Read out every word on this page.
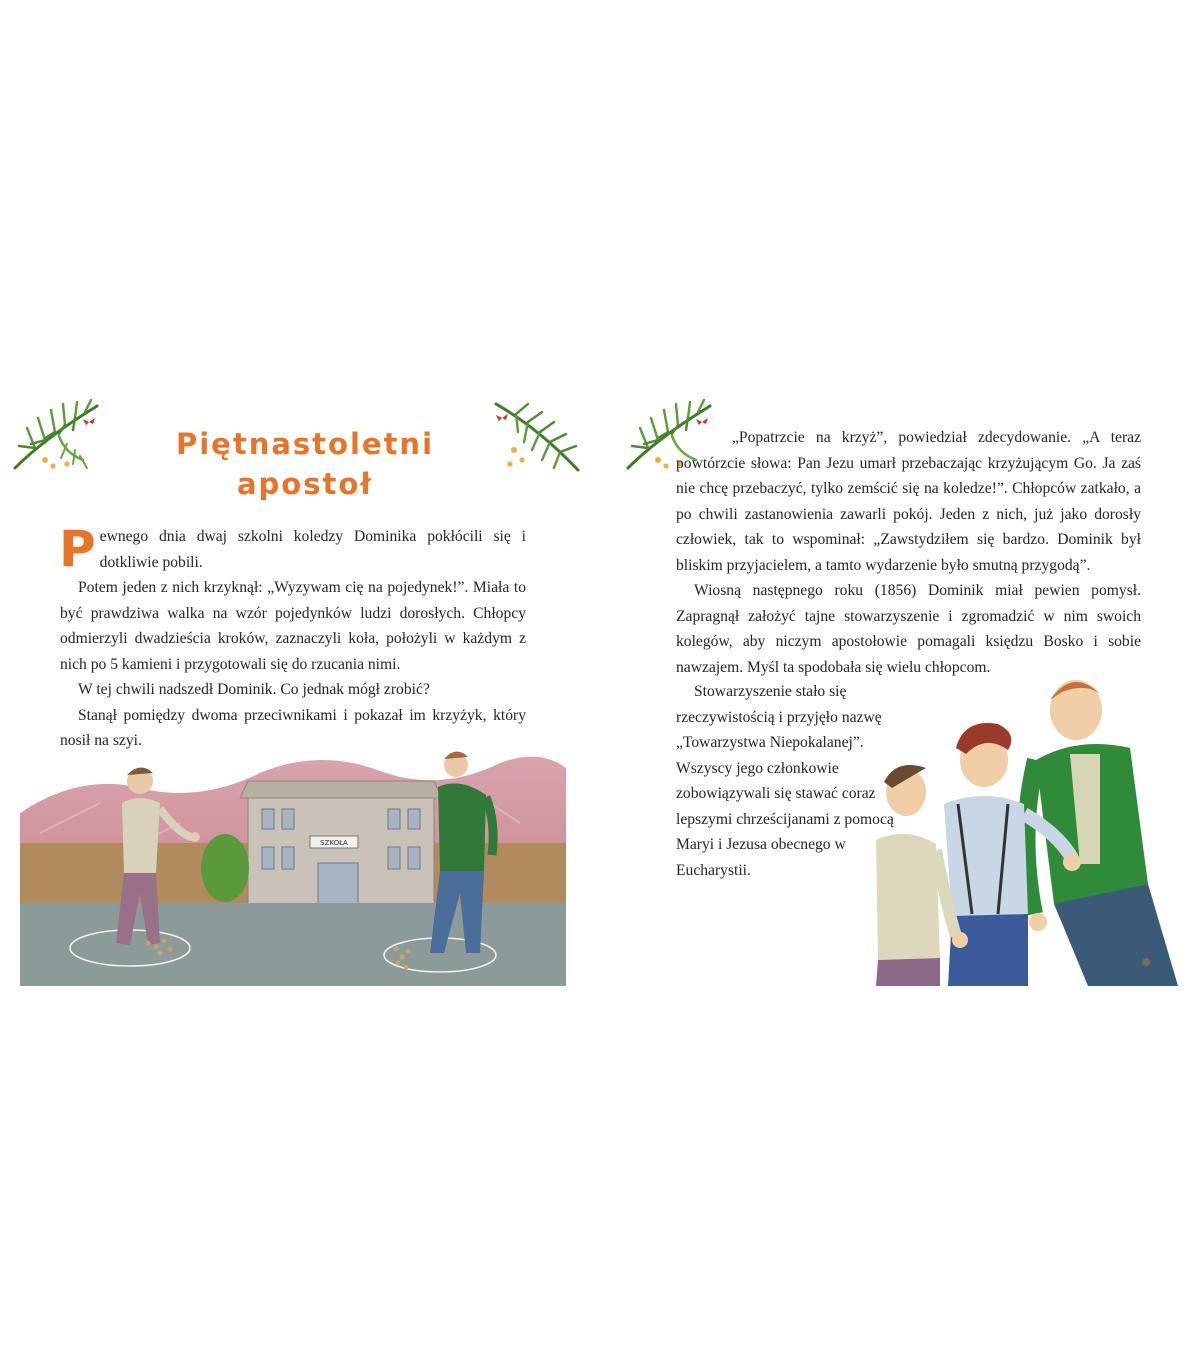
Piętnastoletni
apostoł

Pewnego dnia dwaj szkolni koledzy Dominika pokłócili się i dotkliwie pobili.

Potem jeden z nich krzyknął: „Wyzywam cię na pojedynek!”. Miała to być prawdziwa walka na wzór pojedynków ludzi dorosłych. Chłopcy odmierzyli dwadzieścia kroków, zaznaczyli koła, położyli w każdym z nich po 5 kamieni i przygotowali się do rzucania nimi.

W tej chwili nadszedł Dominik. Co jednak mógł zrobić?

Stanął pomiędzy dwoma przeciwnikami i pokazał im krzyżyk, który nosił na szyi.

SZKOŁA

„Popatrzcie na krzyż”, powiedział zdecydowanie. „A teraz powtórzcie słowa: Pan Jezu umarł przebaczając krzyżującym Go. Ja zaś nie chcę przebaczyć, tylko zemścić się na koledze!”. Chłopców zatkało, a po chwili zastanowienia zawarli pokój. Jeden z nich, już jako dorosły człowiek, tak to wspominał: „Zawstydziłem się bardzo. Dominik był bliskim przyjacielem, a tamto wydarzenie było smutną przygodą”.

Wiosną następnego roku (1856) Dominik miał pewien pomysł. Zapragnął założyć tajne stowarzyszenie i zgromadzić w nim swoich kolegów, aby niczym apostołowie pomagali księdzu Bosko i sobie nawzajem. Myśl ta spodobała się wielu chłopcom.

Stowarzyszenie stało się rzeczywistością i przyjęło nazwę „Towarzystwa Niepokalanej”. Wszyscy jego członkowie zobowiązywali się stawać coraz lepszymi chrześcijanami z pomocą Maryi i Jezusa obecnego w Eucharystii.
